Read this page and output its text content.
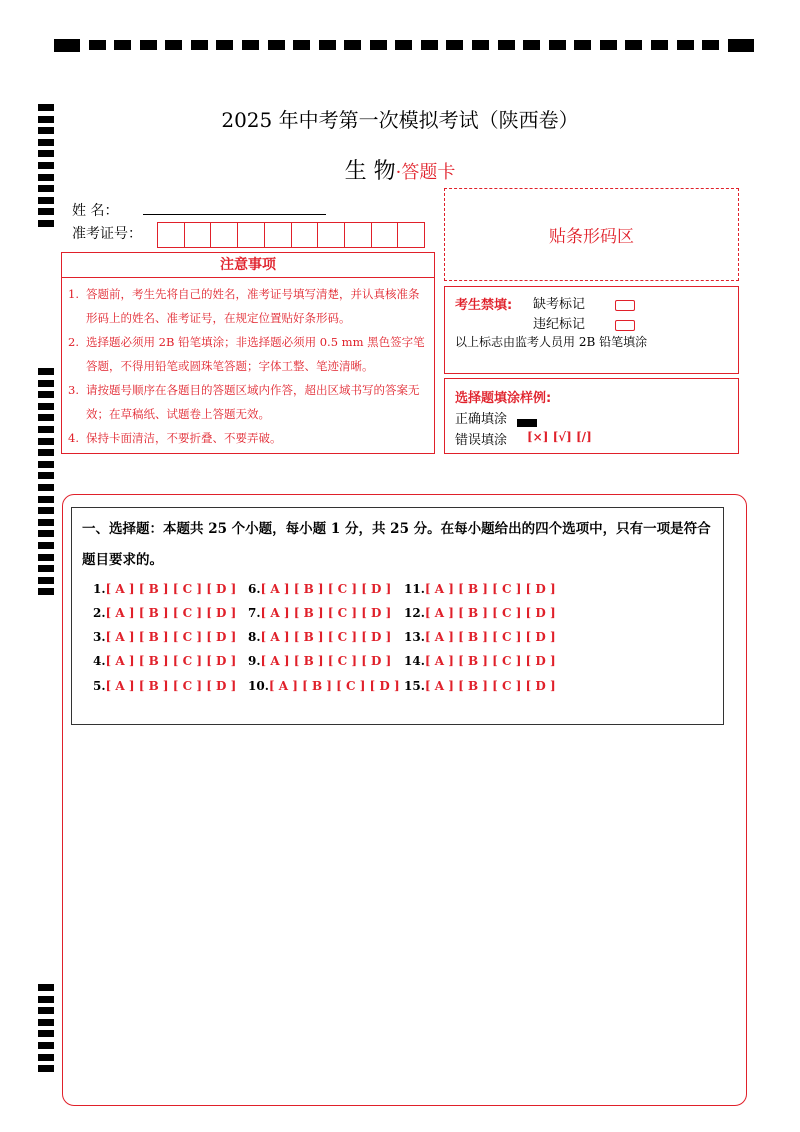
2025 年中考第一次模拟考试（陕西卷）
生 物·答题卡
姓 名：
准考证号：	贴条形码区
注意事项
1. 答题前，考生先将自己的姓名，准考证号填写清楚，并认真核准条形码上的姓名、准考证号，在规定位置贴好条形码。
2. 选择题必须用 2B 铅笔填涂；非选择题必须用 0.5 mm 黑色签字笔答题，不得用铅笔或圆珠笔答题；字体工整、笔迹清晰。
3. 请按题号顺序在各题目的答题区域内作答，超出区域书写的答案无效；在草稿纸、试题卷上答题无效。
4. 保持卡面清洁，不要折叠、不要弄破。
考生禁填: 缺考标记
违纪标记
以上标志由监考人员用 2B 铅笔填涂
选择题填涂样例:
正确填涂
错误填涂 [×] [√] [/]
一、选择题：本题共 25 个小题，每小题 1 分，共 25 分。在每小题给出的四个选项中，只有一项是符合题目要求的。
1.[ A ] [ B ] [ C ] [ D ]
2.[ A ] [ B ] [ C ] [ D ]
3.[ A ] [ B ] [ C ] [ D ]
4.[ A ] [ B ] [ C ] [ D ]
5.[ A ] [ B ] [ C ] [ D ]
6.[ A ] [ B ] [ C ] [ D ]
7.[ A ] [ B ] [ C ] [ D ]
8.[ A ] [ B ] [ C ] [ D ]
9.[ A ] [ B ] [ C ] [ D ]
10.[ A ] [ B ] [ C ] [ D ]
11.[ A ] [ B ] [ C ] [ D ]
12.[ A ] [ B ] [ C ] [ D ]
13.[ A ] [ B ] [ C ] [ D ]
14.[ A ] [ B ] [ C ] [ D ]
15.[ A ] [ B ] [ C ] [ D ]
